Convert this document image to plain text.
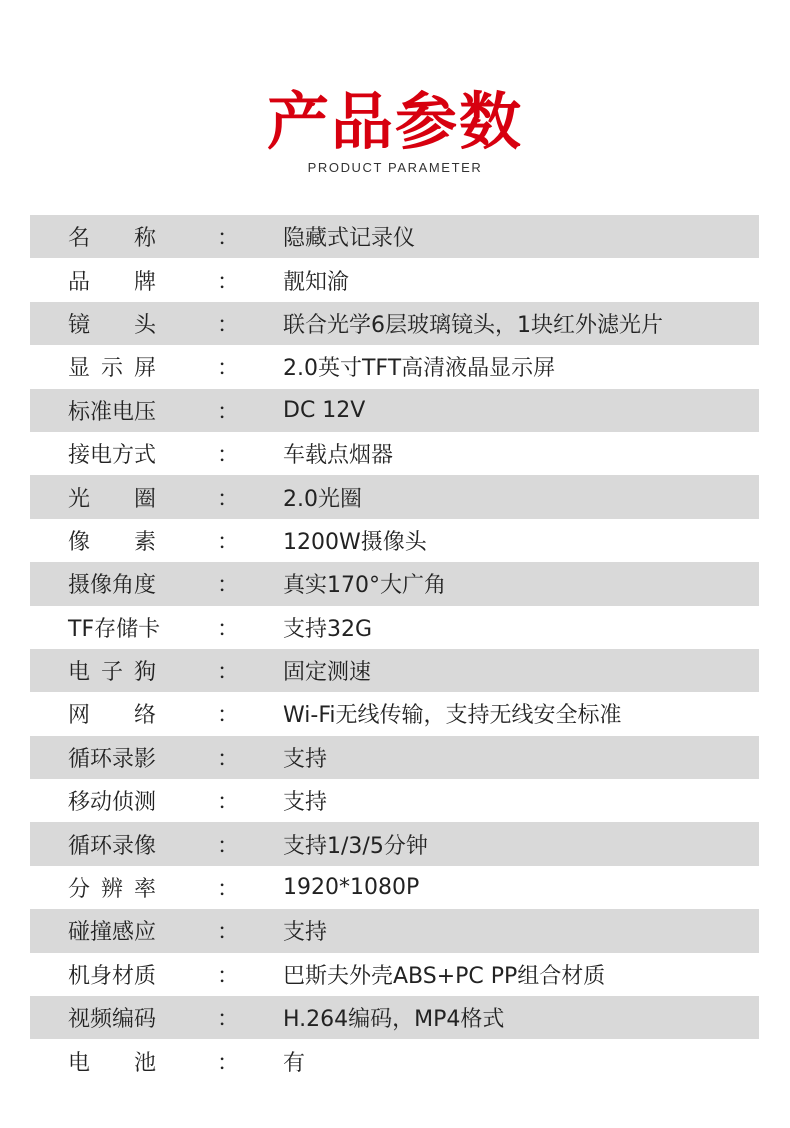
产品参数
PRODUCT PARAMETER
名 称	： 隐藏式记录仪
品 牌	： 靓知渝
镜 头	： 联合光学6层玻璃镜头，1块红外滤光片
显 示 屏	： 2.0英寸TFT高清液晶显示屏
标准电压	： DC 12V
接电方式	： 车载点烟器
光 圈	： 2.0光圈
像 素	： 1200W摄像头
摄像角度	： 真实170°大广角
TF存储卡	： 支持32G
电 子 狗	： 固定测速
网 络	： Wi-Fi无线传输，支持无线安全标准
循环录影	： 支持
移动侦测	： 支持
循环录像	： 支持1/3/5分钟
分 辨 率	： 1920*1080P
碰撞感应	： 支持
机身材质	： 巴斯夫外壳ABS+PC PP组合材质
视频编码	： H.264编码，MP4格式
电 池	： 有
